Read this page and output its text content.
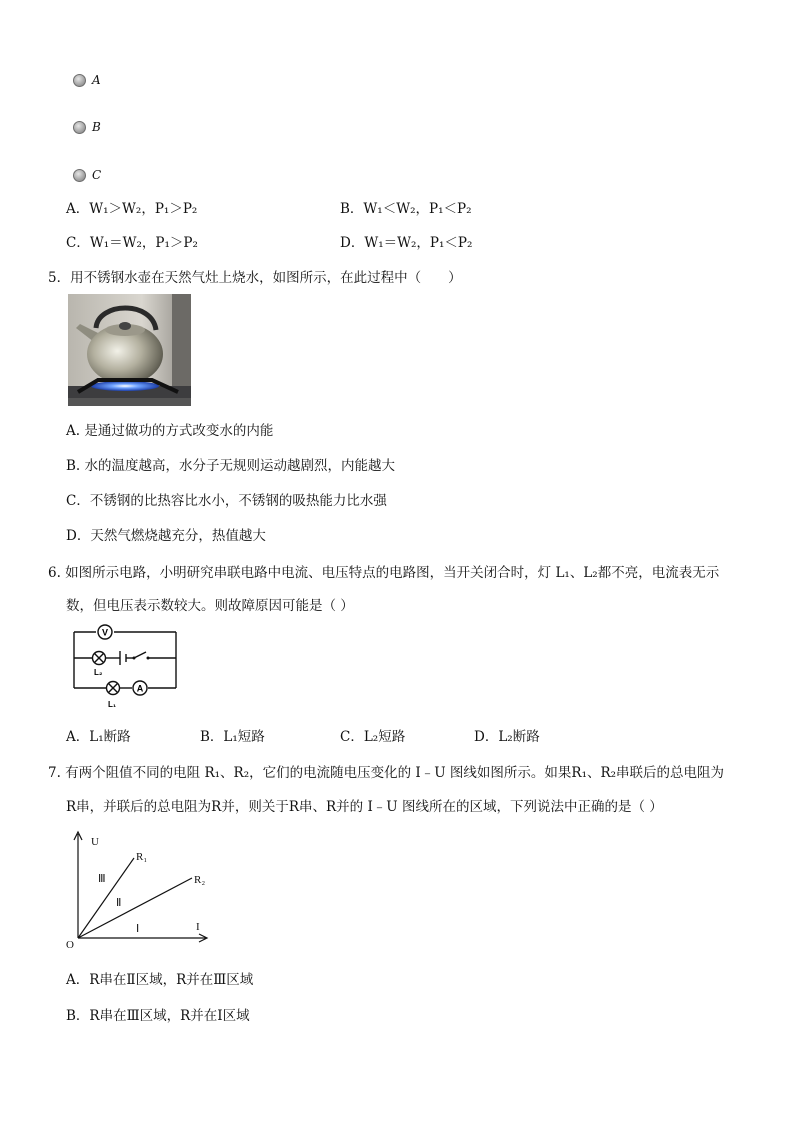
A
B
C
A．W₁＞W₂，P₁＞P₂	B．W₁＜W₂，P₁＜P₂
C．W₁＝W₂，P₁＞P₂	D．W₁＝W₂，P₁＜P₂
5．用不锈钢水壶在天然气灶上烧水，如图所示，在此过程中（　　）
A. 是通过做功的方式改变水的内能
B. 水的温度越高，水分子无规则运动越剧烈，内能越大
C．不锈钢的比热容比水小，不锈钢的吸热能力比水强
D．天然气燃烧越充分，热值越大
6. 如图所示电路，小明研究串联电路中电流、电压特点的电路图，当开关闭合时，灯 L₁、L₂都不亮，电流表无示
数，但电压表示数较大。则故障原因可能是（ ）
V
A
L₂
L₁
A．L₁断路	B．L₁短路	C．L₂短路	D．L₂断路
7. 有两个阻值不同的电阻 R₁、R₂，它们的电流随电压变化的 I﹣U 图线如图所示。如果R₁、R₂串联后的总电阻为
R串，并联后的总电阻为R并，则关于R串、R并的 I﹣U 图线所在的区域，下列说法中正确的是（ ）
U
R₁
R₂
Ⅲ
Ⅱ
Ⅰ	I
O
A．R串在Ⅱ区域，R并在Ⅲ区域
B．R串在Ⅲ区域，R并在Ⅰ区域
